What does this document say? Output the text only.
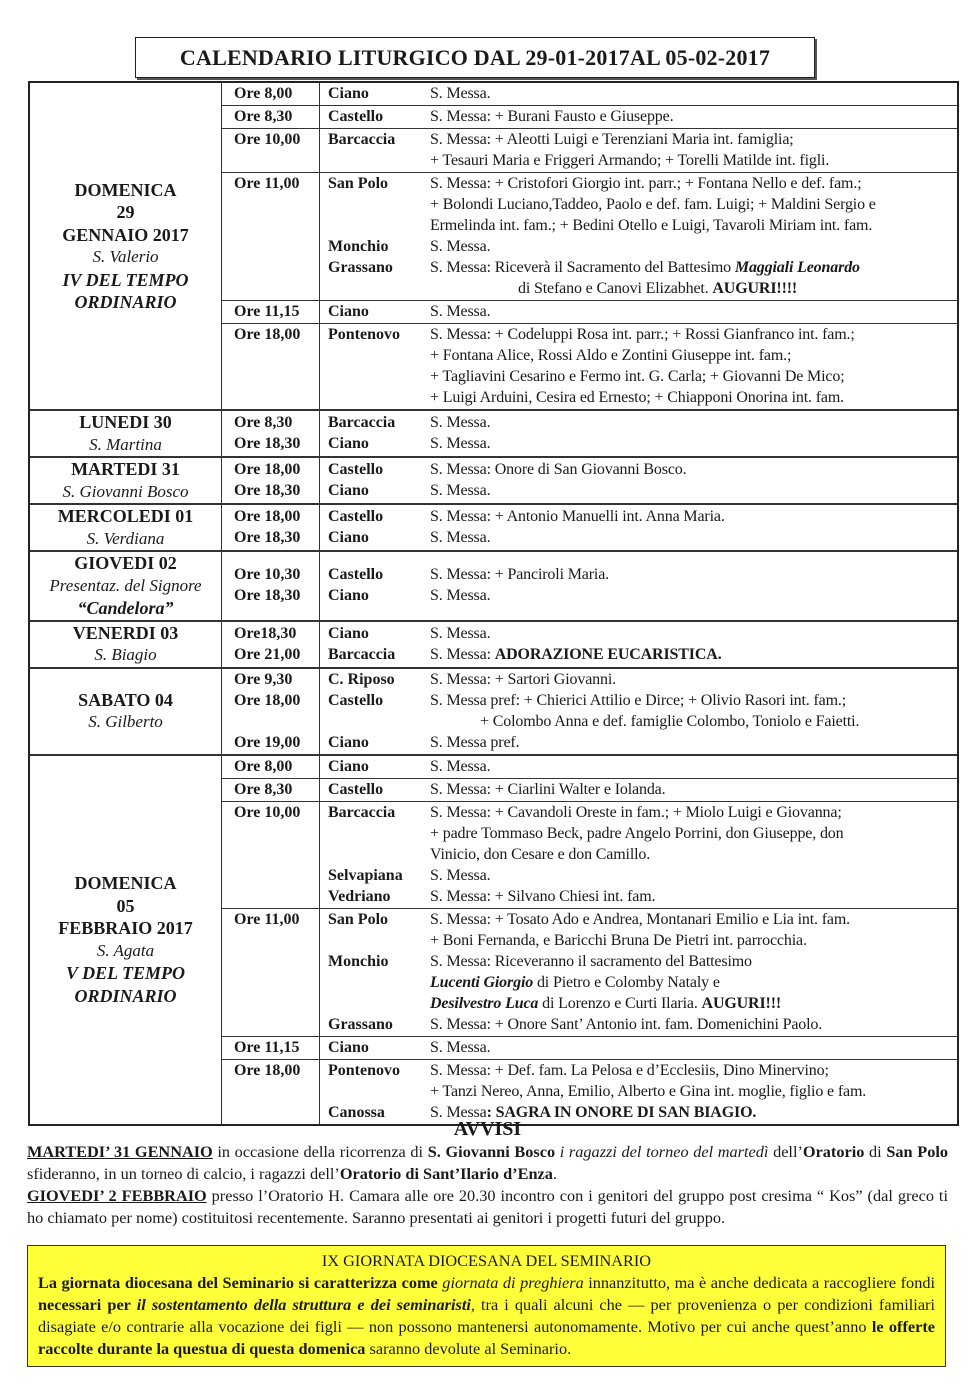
CALENDARIO LITURGICO DAL 29-01-2017AL 05-02-2017
DOMENICA
29
GENNAIO 2017
S. Valerio
IV DEL TEMPO
ORDINARIO
Ore 8,00	Ciano	S. Messa.
Ore 8,30	Castello	S. Messa: + Burani Fausto e Giuseppe.
Ore 10,00	Barcaccia	S. Messa: + Aleotti Luigi e Terenziani Maria int. famiglia;
+ Tesauri Maria e Friggeri Armando; + Torelli Matilde int. figli.
Ore 11,00	San Polo	S. Messa: + Cristofori Giorgio int. parr.; + Fontana Nello e def. fam.;
+ Bolondi Luciano,Taddeo, Paolo e def. fam. Luigi; + Maldini Sergio e
Ermelinda int. fam.; + Bedini Otello e Luigi, Tavaroli Miriam int. fam.
Monchio	S. Messa.
Grassano	S. Messa: Riceverà il Sacramento del Battesimo Maggiali Leonardo
di Stefano e Canovi Elizabhet. AUGURI!!!!
Ore 11,15	Ciano	S. Messa.
Ore 18,00	Pontenovo	S. Messa: + Codeluppi Rosa int. parr.; + Rossi Gianfranco int. fam.;
+ Fontana Alice, Rossi Aldo e Zontini Giuseppe int. fam.;
+ Tagliavini Cesarino e Fermo int. G. Carla; + Giovanni De Mico;
+ Luigi Arduini, Cesira ed Ernesto; + Chiapponi Onorina int. fam.
LUNEDI 30
S. Martina
Ore 8,30	Barcaccia	S. Messa.
Ore 18,30	Ciano	S. Messa.
MARTEDI 31
S. Giovanni Bosco
Ore 18,00	Castello	S. Messa: Onore di San Giovanni Bosco.
Ore 18,30	Ciano	S. Messa.
MERCOLEDI 01
S. Verdiana
Ore 18,00	Castello	S. Messa: + Antonio Manuelli int. Anna Maria.
Ore 18,30	Ciano	S. Messa.
GIOVEDI 02
Presentaz. del Signore
“Candelora”
Ore 10,30	Castello	S. Messa: + Panciroli Maria.
Ore 18,30	Ciano	S. Messa.
VENERDI 03
S. Biagio
Ore18,30	Ciano	S. Messa.
Ore 21,00	Barcaccia	S. Messa: ADORAZIONE EUCARISTICA.
SABATO 04
S. Gilberto
Ore 9,30	C. Riposo	S. Messa: + Sartori Giovanni.
Ore 18,00	Castello	S. Messa pref: + Chierici Attilio e Dirce; + Olivio Rasori int. fam.;
+ Colombo Anna e def. famiglie Colombo, Toniolo e Faietti.
Ore 19,00	Ciano	S. Messa pref.
DOMENICA
05
FEBBRAIO 2017
S. Agata
V DEL TEMPO
ORDINARIO
Ore 8,00	Ciano	S. Messa.
Ore 8,30	Castello	S. Messa: + Ciarlini Walter e Iolanda.
Ore 10,00	Barcaccia	S. Messa: + Cavandoli Oreste in fam.; + Miolo Luigi e Giovanna;
+ padre Tommaso Beck, padre Angelo Porrini, don Giuseppe, don
Vinicio, don Cesare e don Camillo.
Selvapiana	S. Messa.
Vedriano	S. Messa: + Silvano Chiesi int. fam.
Ore 11,00	San Polo	S. Messa: + Tosato Ado e Andrea, Montanari Emilio e Lia int. fam.
+ Boni Fernanda, e Baricchi Bruna De Pietri int. parrocchia.
Monchio	S. Messa: Riceveranno il sacramento del Battesimo
Lucenti Giorgio di Pietro e Colomby Nataly e
Desilvestro Luca di Lorenzo e Curti Ilaria. AUGURI!!!
Grassano	S. Messa: + Onore Sant’ Antonio int. fam. Domenichini Paolo.
Ore 11,15	Ciano	S. Messa.
Ore 18,00	Pontenovo	S. Messa: + Def. fam. La Pelosa e d’Ecclesiis, Dino Minervino;
+ Tanzi Nereo, Anna, Emilio, Alberto e Gina int. moglie, figlio e fam.
Canossa	S. Messa: SAGRA IN ONORE DI SAN BIAGIO.
AVVISI

MARTEDI’ 31 GENNAIO in occasione della ricorrenza di S. Giovanni Bosco i ragazzi del torneo del martedì dell’Oratorio di San Polo sfideranno, in un torneo di calcio, i ragazzi dell’Oratorio di Sant’Ilario d’Enza.

GIOVEDI’ 2 FEBBRAIO presso l’Oratorio H. Camara alle ore 20.30 incontro con i genitori del gruppo post cresima “ Kos” (dal greco ti ho chiamato per nome) costituitosi recentemente. Saranno presentati ai genitori i progetti futuri del gruppo.

IX GIORNATA DIOCESANA DEL SEMINARIO
La giornata diocesana del Seminario si caratterizza come giornata di preghiera innanzitutto, ma è anche dedicata a raccogliere fondi necessari per il sostentamento della struttura e dei seminaristi, tra i quali alcuni che — per provenienza o per condizioni familiari disagiate e/o contrarie alla vocazione dei figli — non possono mantenersi autonomamente. Motivo per cui anche quest’anno le offerte raccolte durante la questua di questa domenica saranno devolute al Seminario.
